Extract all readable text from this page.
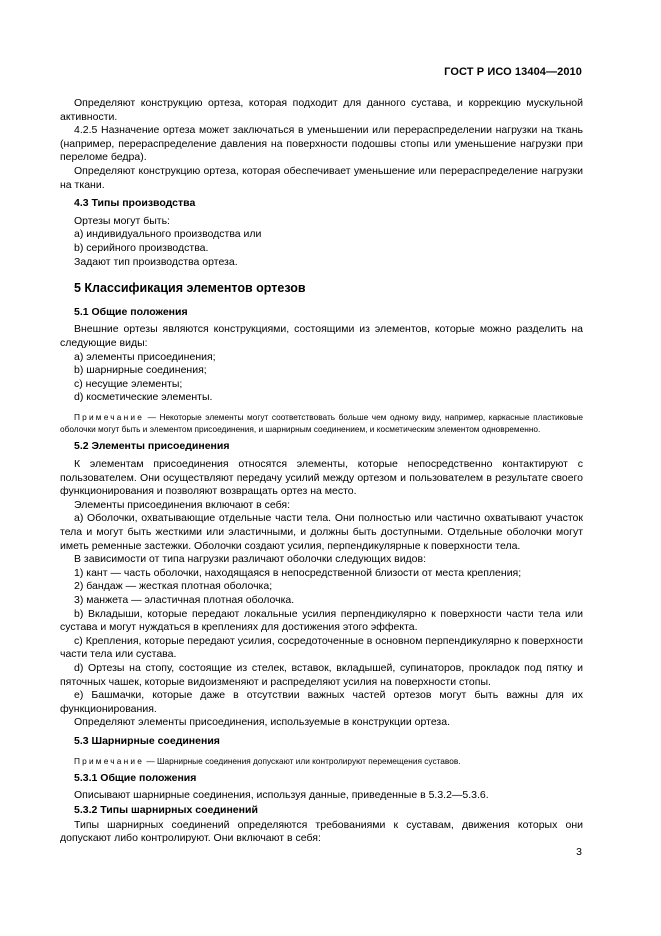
ГОСТ Р ИСО 13404—2010

Определяют конструкцию ортеза, которая подходит для данного сустава, и коррекцию мускульной активности.

4.2.5 Назначение ортеза может заключаться в уменьшении или перераспределении нагрузки на ткань (например, перераспределение давления на поверхности подошвы стопы или уменьшение нагрузки при переломе бедра).

Определяют конструкцию ортеза, которая обеспечивает уменьшение или перераспределение нагрузки на ткани.

4.3 Типы производства

Ортезы могут быть:

a) индивидуального производства или

b) серийного производства.

Задают тип производства ортеза.

5 Классификация элементов ортезов
5.1 Общие положения

Внешние ортезы являются конструкциями, состоящими из элементов, которые можно разделить на следующие виды:

a) элементы присоединения;

b) шарнирные соединения;

c) несущие элементы;

d) косметические элементы.

Примечание — Некоторые элементы могут соответствовать больше чем одному виду, например, каркасные пластиковые оболочки могут быть и элементом присоединения, и шарнирным соединением, и косметическим элементом одновременно.

5.2 Элементы присоединения

К элементам присоединения относятся элементы, которые непосредственно контактируют с пользователем. Они осуществляют передачу усилий между ортезом и пользователем в результате своего функционирования и позволяют возвращать ортез на место.

Элементы присоединения включают в себя:

a) Оболочки, охватывающие отдельные части тела. Они полностью или частично охватывают участок тела и могут быть жесткими или эластичными, и должны быть доступными. Отдельные оболочки могут иметь ременные застежки. Оболочки создают усилия, перпендикулярные к поверхности тела.

В зависимости от типа нагрузки различают оболочки следующих видов:

1) кант — часть оболочки, находящаяся в непосредственной близости от места крепления;

2) бандаж — жесткая плотная оболочка;

3) манжета — эластичная плотная оболочка.

b) Вкладыши, которые передают локальные усилия перпендикулярно к поверхности части тела или сустава и могут нуждаться в креплениях для достижения этого эффекта.

c) Крепления, которые передают усилия, сосредоточенные в основном перпендикулярно к поверхности части тела или сустава.

d) Ортезы на стопу, состоящие из стелек, вставок, вкладышей, супинаторов, прокладок под пятку и пяточных чашек, которые видоизменяют и распределяют усилия на поверхности стопы.

e) Башмачки, которые даже в отсутствии важных частей ортезов могут быть важны для их функционирования.

Определяют элементы присоединения, используемые в конструкции ортеза.

5.3 Шарнирные соединения

Примечание — Шарнирные соединения допускают или контролируют перемещения суставов.

5.3.1 Общие положения

Описывают шарнирные соединения, используя данные, приведенные в 5.3.2—5.3.6.

5.3.2 Типы шарнирных соединений

Типы шарнирных соединений определяются требованиями к суставам, движения которых они допускают либо контролируют. Они включают в себя:

3
